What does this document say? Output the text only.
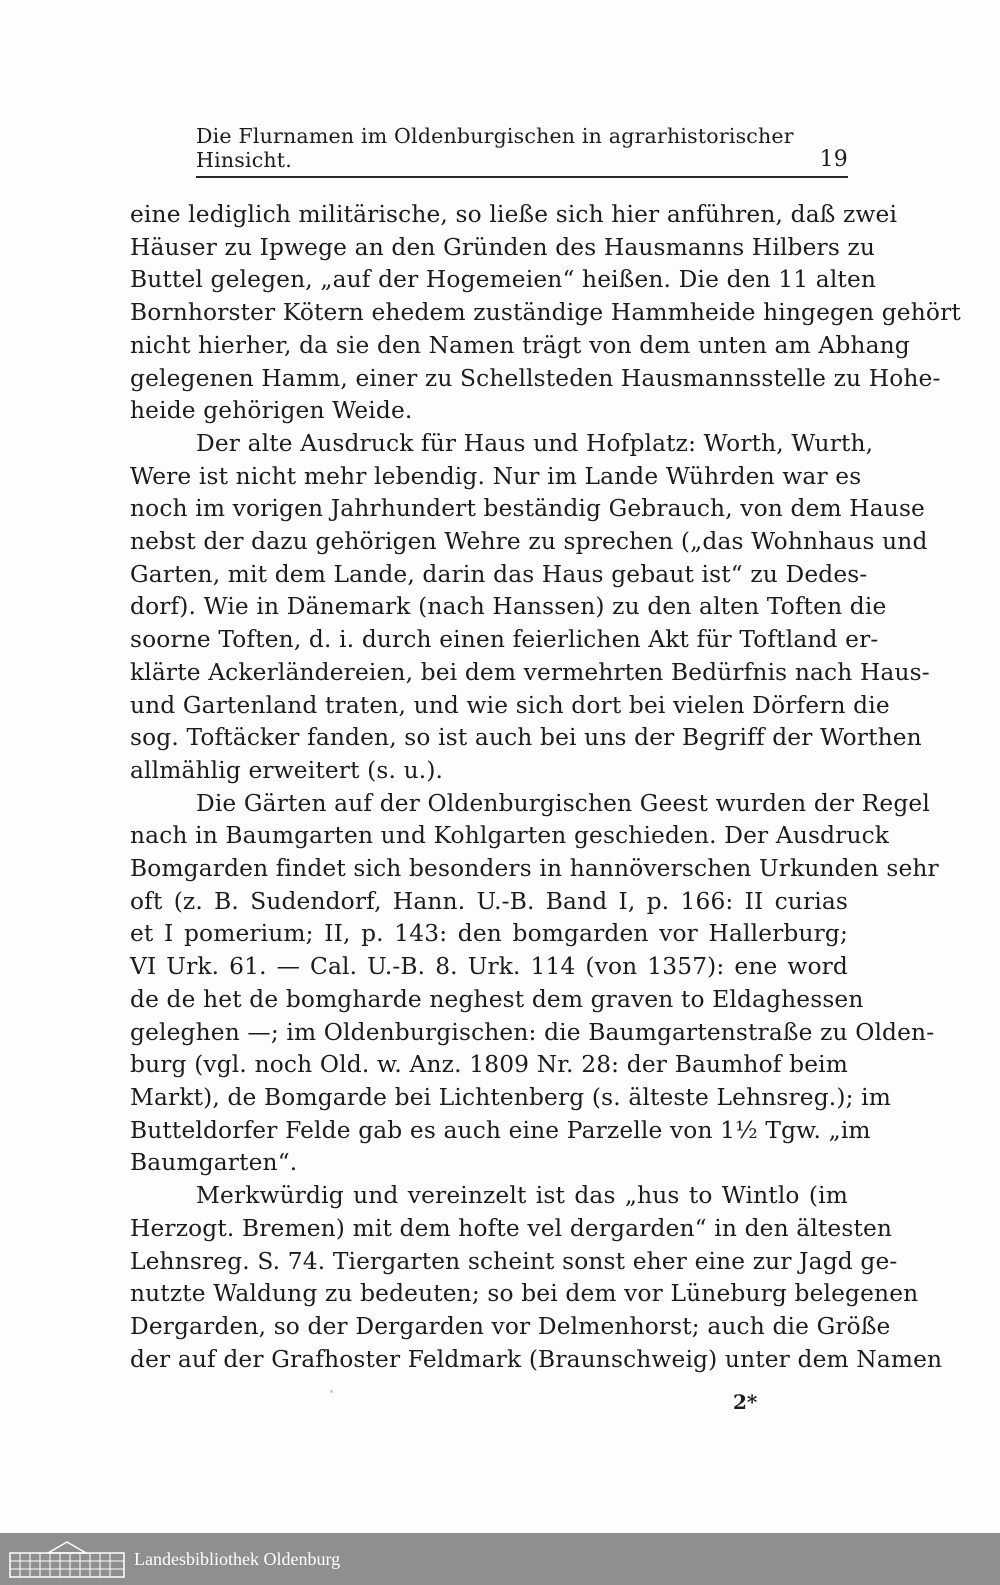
Die Flurnamen im Oldenburgischen in agrarhistorischer Hinsicht.	19
eine lediglich militärische, so ließe sich hier anführen, daß zwei
Häuser zu Ipwege an den Gründen des Hausmanns Hilbers zu
Buttel gelegen, „auf der Hogemeien“ heißen. Die den 11 alten
Bornhorster Kötern ehedem zuständige Hammheide hingegen gehört
nicht hierher, da sie den Namen trägt von dem unten am Abhang
gelegenen Hamm, einer zu Schellsteden Hausmannsstelle zu Hohe-
heide gehörigen Weide.
Der alte Ausdruck für Haus und Hofplatz: Worth, Wurth,
Were ist nicht mehr lebendig. Nur im Lande Wührden war es
noch im vorigen Jahrhundert beständig Gebrauch, von dem Hause
nebst der dazu gehörigen Wehre zu sprechen („das Wohnhaus und
Garten, mit dem Lande, darin das Haus gebaut ist“ zu Dedes-
dorf). Wie in Dänemark (nach Hanssen) zu den alten Toften die
soorne Toften, d. i. durch einen feierlichen Akt für Toftland er-
klärte Ackerländereien, bei dem vermehrten Bedürfnis nach Haus-
und Gartenland traten, und wie sich dort bei vielen Dörfern die
sog. Toftäcker fanden, so ist auch bei uns der Begriff der Worthen
allmählig erweitert (s. u.).
Die Gärten auf der Oldenburgischen Geest wurden der Regel
nach in Baumgarten und Kohlgarten geschieden. Der Ausdruck
Bomgarden findet sich besonders in hannöverschen Urkunden sehr
oft (z. B. Sudendorf, Hann. U.-B. Band I, p. 166: II curias
et I pomerium; II, p. 143: den bomgarden vor Hallerburg;
VI Urk. 61. — Cal. U.-B. 8. Urk. 114 (von 1357): ene word
de de het de bomgharde neghest dem graven to Eldaghessen
geleghen —; im Oldenburgischen: die Baumgartenstraße zu Olden-
burg (vgl. noch Old. w. Anz. 1809 Nr. 28: der Baumhof beim
Markt), de Bomgarde bei Lichtenberg (s. älteste Lehnsreg.); im
Butteldorfer Felde gab es auch eine Parzelle von 1½ Tgw. „im
Baumgarten“.
Merkwürdig und vereinzelt ist das „hus to Wintlo (im
Herzogt. Bremen) mit dem hofte vel dergarden“ in den ältesten
Lehnsreg. S. 74. Tiergarten scheint sonst eher eine zur Jagd ge-
nutzte Waldung zu bedeuten; so bei dem vor Lüneburg belegenen
Dergarden, so der Dergarden vor Delmenhorst; auch die Größe
der auf der Grafhoster Feldmark (Braunschweig) unter dem Namen
2*
Landesbibliothek Oldenburg
